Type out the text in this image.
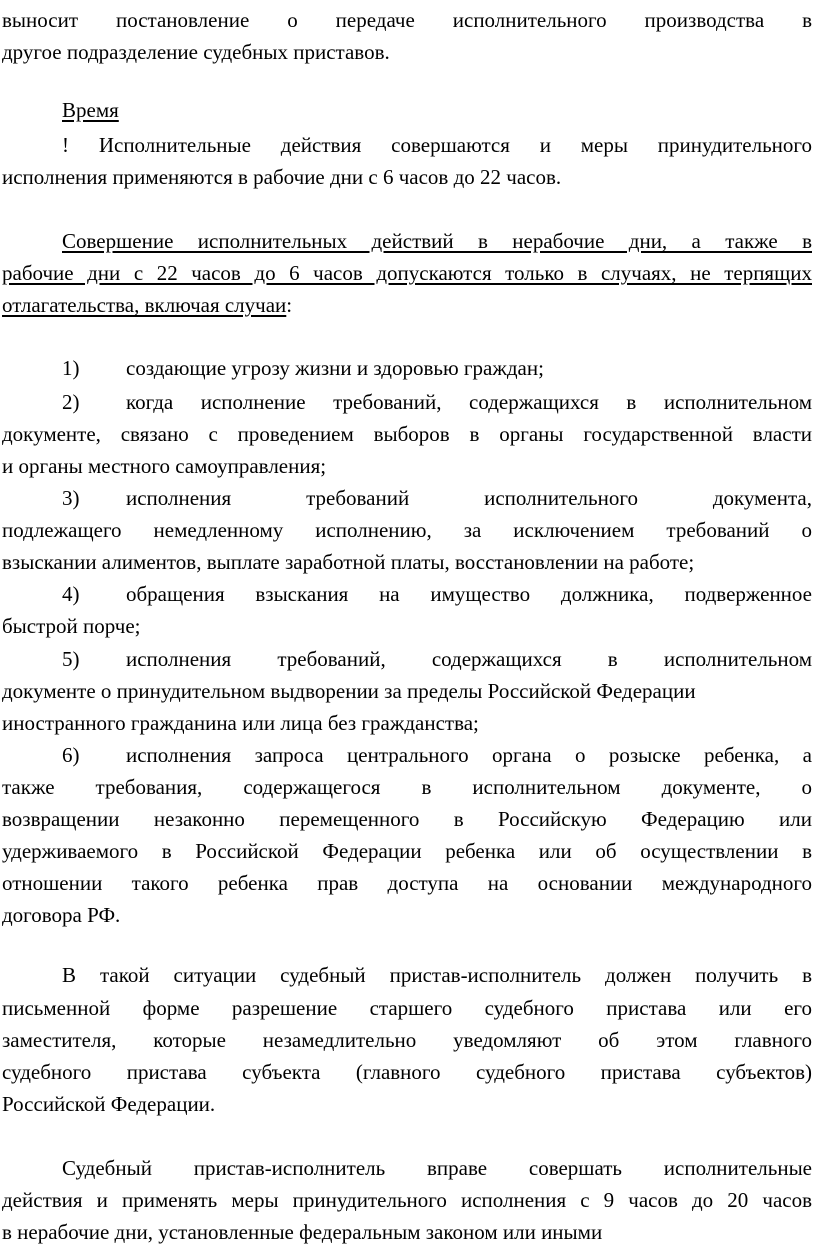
выносит постановление о передаче исполнительного производства в
другое подразделение судебных приставов.
Время
! Исполнительные действия совершаются и меры принудительного
исполнения применяются в рабочие дни с 6 часов до 22 часов.
Совершение исполнительных действий в нерабочие дни, а также в
рабочие дни с 22 часов до 6 часов допускаются только в случаях, не терпящих
отлагательства, включая случаи:
1) создающие угрозу жизни и здоровью граждан;
2) когда исполнение требований, содержащихся в исполнительном
документе, связано с проведением выборов в органы государственной власти
и органы местного самоуправления;
3) исполнения требований исполнительного документа,
подлежащего немедленному исполнению, за исключением требований о
взыскании алиментов, выплате заработной платы, восстановлении на работе;
4) обращения взыскания на имущество должника, подверженное
быстрой порче;
5) исполнения требований, содержащихся в исполнительном
документе о принудительном выдворении за пределы Российской Федерации
иностранного гражданина или лица без гражданства;
6) исполнения запроса центрального органа о розыске ребенка, а
также требования, содержащегося в исполнительном документе, о
возвращении незаконно перемещенного в Российскую Федерацию или
удерживаемого в Российской Федерации ребенка или об осуществлении в
отношении такого ребенка прав доступа на основании международного
договора РФ.
В такой ситуации судебный пристав-исполнитель должен получить в
письменной форме разрешение старшего судебного пристава или его
заместителя, которые незамедлительно уведомляют об этом главного
судебного пристава субъекта (главного судебного пристава субъектов)
Российской Федерации.
Судебный пристав-исполнитель вправе совершать исполнительные
действия и применять меры принудительного исполнения с 9 часов до 20 часов
в нерабочие дни, установленные федеральным законом или иными
